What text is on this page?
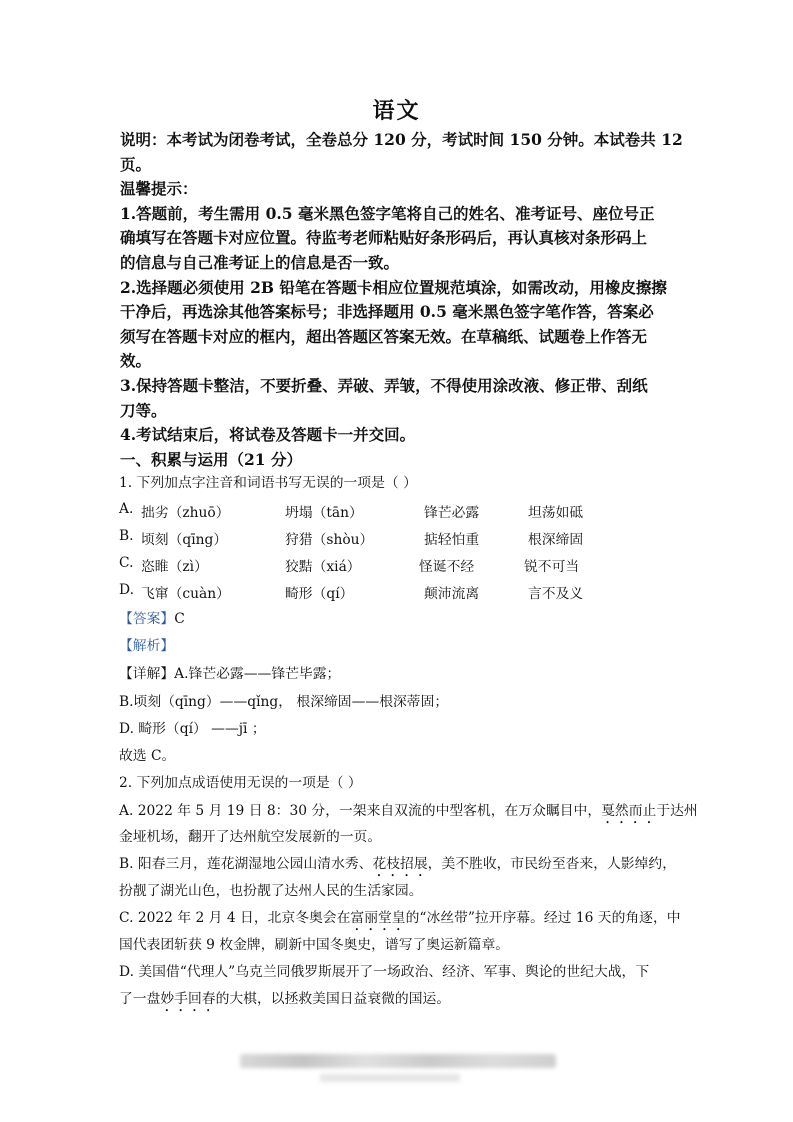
语文
说明：本考试为闭卷考试，全卷总分 120 分，考试时间 150 分钟。本试卷共 12
页。
温馨提示：
1.答题前，考生需用 0.5 毫米黑色签字笔将自己的姓名、准考证号、座位号正
确填写在答题卡对应位置。待监考老师粘贴好条形码后，再认真核对条形码上
的信息与自己准考证上的信息是否一致。
2.选择题必须使用 2B 铅笔在答题卡相应位置规范填涂，如需改动，用橡皮擦擦
干净后，再选涂其他答案标号；非选择题用 0.5 毫米黑色签字笔作答，答案必
须写在答题卡对应的框内，超出答题区答案无效。在草稿纸、试题卷上作答无
效。
3.保持答题卡整洁，不要折叠、弄破、弄皱，不得使用涂改液、修正带、刮纸
刀等。
4.考试结束后，将试卷及答题卡一并交回。
一、积累与运用（21 分）
1. 下列加点字注音和词语书写无误的一项是（ ）
A. 拙劣（zhuō）	坍塌（tān）	锋芒必露	坦荡如砥
B. 顷刻（qīng）	狩猎（shòu）	掂轻怕重	根深缔固
C. 恣睢（zì）	狡黠（xiá）	怪诞不经	锐不可当
D. 飞窜（cuàn）	畸形（qí）	颠沛流离	言不及义
【答案】C
【解析】
【详解】A.锋芒必露——锋芒毕露；
B.顷刻（qīng）——qǐng， 根深缔固——根深蒂固；
D. 畸形（qí） ——jī ；
故选 C。
2. 下列加点成语使用无误的一项是（ ）
A. 2022 年 5 月 19 日 8：30 分，一架来自双流的中型客机，在万众瞩目中，戛然而止于达州
金垭机场，翻开了达州航空发展新的一页。
B. 阳春三月，莲花湖湿地公园山清水秀、花枝招展，美不胜收，市民纷至沓来，人影绰约，
扮靓了湖光山色，也扮靓了达州人民的生活家园。
C. 2022 年 2 月 4 日，北京冬奥会在富丽堂皇的“冰丝带”拉开序幕。经过 16 天的角逐，中
国代表团斩获 9 枚金牌，刷新中国冬奥史，谱写了奥运新篇章。
D. 美国借“代理人”乌克兰同俄罗斯展开了一场政治、经济、军事、舆论的世纪大战，下
了一盘妙手回春的大棋，以拯救美国日益衰微的国运。
